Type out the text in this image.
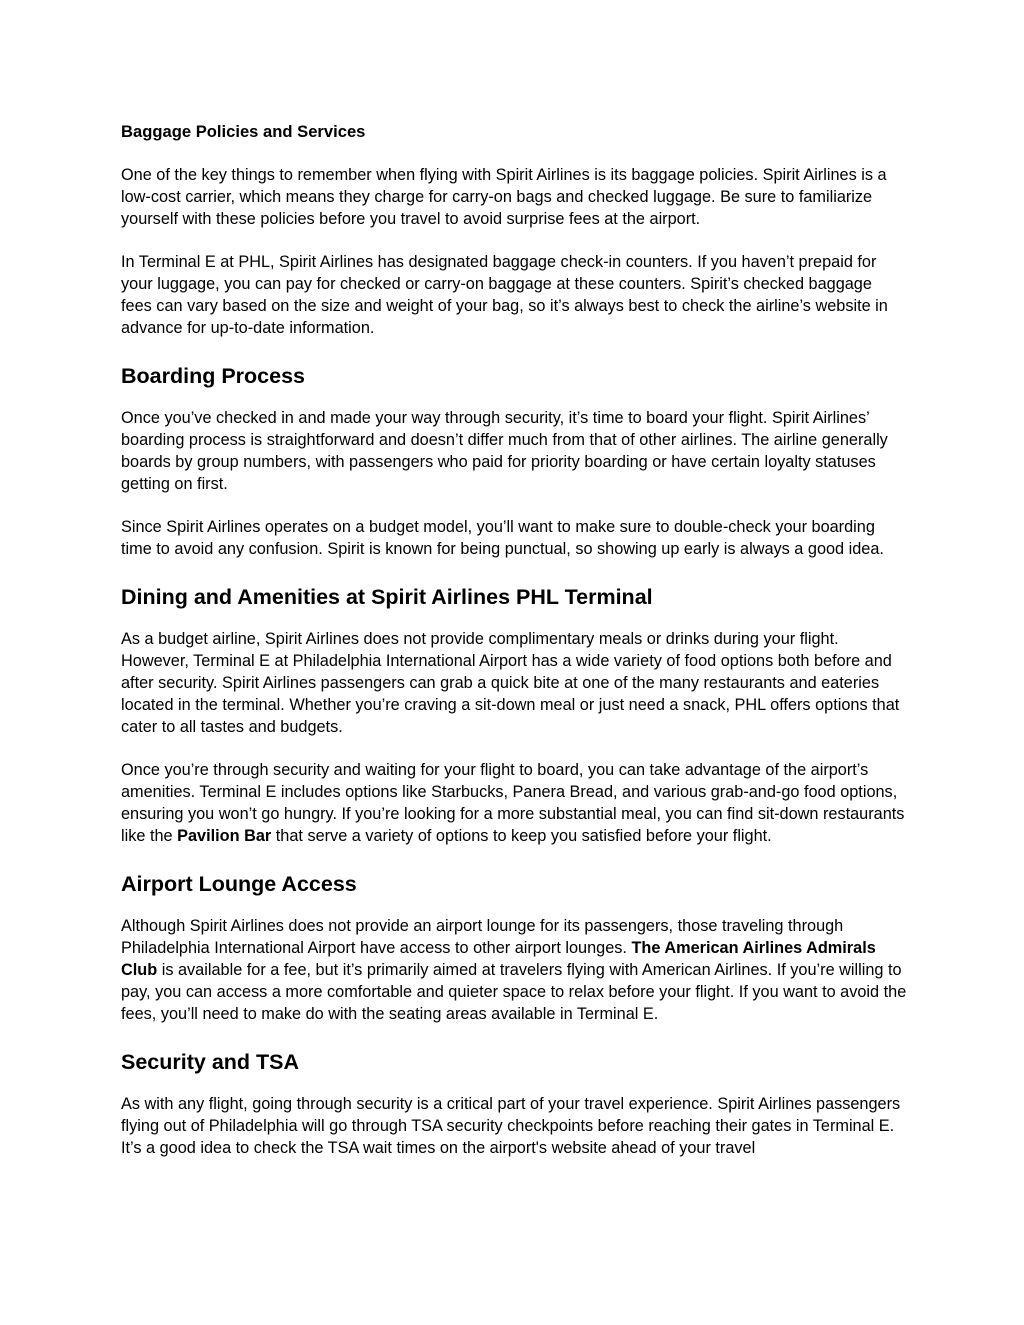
Baggage Policies and Services

One of the key things to remember when flying with Spirit Airlines is its baggage policies. Spirit Airlines is a low-cost carrier, which means they charge for carry-on bags and checked luggage. Be sure to familiarize yourself with these policies before you travel to avoid surprise fees at the airport.

In Terminal E at PHL, Spirit Airlines has designated baggage check-in counters. If you haven’t prepaid for your luggage, you can pay for checked or carry-on baggage at these counters. Spirit’s checked baggage fees can vary based on the size and weight of your bag, so it’s always best to check the airline’s website in advance for up-to-date information.

Boarding Process

Once you’ve checked in and made your way through security, it’s time to board your flight. Spirit Airlines’ boarding process is straightforward and doesn’t differ much from that of other airlines. The airline generally boards by group numbers, with passengers who paid for priority boarding or have certain loyalty statuses getting on first.

Since Spirit Airlines operates on a budget model, you’ll want to make sure to double-check your boarding time to avoid any confusion. Spirit is known for being punctual, so showing up early is always a good idea.

Dining and Amenities at Spirit Airlines PHL Terminal

As a budget airline, Spirit Airlines does not provide complimentary meals or drinks during your flight. However, Terminal E at Philadelphia International Airport has a wide variety of food options both before and after security. Spirit Airlines passengers can grab a quick bite at one of the many restaurants and eateries located in the terminal. Whether you’re craving a sit-down meal or just need a snack, PHL offers options that cater to all tastes and budgets.

Once you’re through security and waiting for your flight to board, you can take advantage of the airport’s amenities. Terminal E includes options like Starbucks, Panera Bread, and various grab-and-go food options, ensuring you won’t go hungry. If you’re looking for a more substantial meal, you can find sit-down restaurants like the Pavilion Bar that serve a variety of options to keep you satisfied before your flight.

Airport Lounge Access

Although Spirit Airlines does not provide an airport lounge for its passengers, those traveling through Philadelphia International Airport have access to other airport lounges. The American Airlines Admirals Club is available for a fee, but it’s primarily aimed at travelers flying with American Airlines. If you’re willing to pay, you can access a more comfortable and quieter space to relax before your flight. If you want to avoid the fees, you’ll need to make do with the seating areas available in Terminal E.

Security and TSA

As with any flight, going through security is a critical part of your travel experience. Spirit Airlines passengers flying out of Philadelphia will go through TSA security checkpoints before reaching their gates in Terminal E. It’s a good idea to check the TSA wait times on the airport's website ahead of your travel
